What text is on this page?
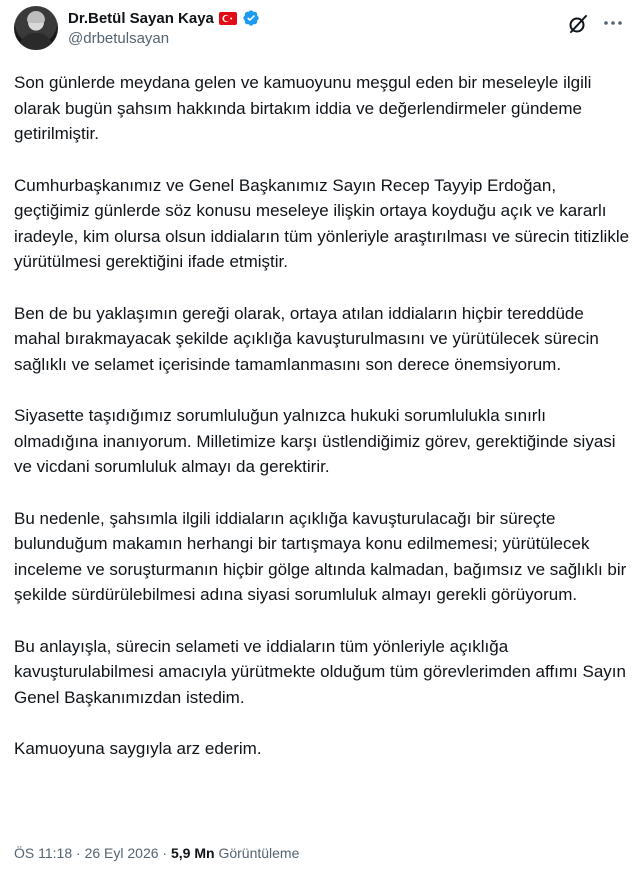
Dr.Betül Sayan Kaya
@drbetulsayan

Son günlerde meydana gelen ve kamuoyunu meşgul eden bir meseleyle ilgili olarak bugün şahsım hakkında birtakım iddia ve değerlendirmeler gündeme getirilmiştir.

Cumhurbaşkanımız ve Genel Başkanımız Sayın Recep Tayyip Erdoğan, geçtiğimiz günlerde söz konusu meseleye ilişkin ortaya koyduğu açık ve kararlı iradeyle, kim olursa olsun iddiaların tüm yönleriyle araştırılması ve sürecin titizlikle yürütülmesi gerektiğini ifade etmiştir.

Ben de bu yaklaşımın gereği olarak, ortaya atılan iddiaların hiçbir tereddüde mahal bırakmayacak şekilde açıklığa kavuşturulmasını ve yürütülecek sürecin sağlıklı ve selamet içerisinde tamamlanmasını son derece önemsiyorum.

Siyasette taşıdığımız sorumluluğun yalnızca hukuki sorumlulukla sınırlı olmadığına inanıyorum. Milletimize karşı üstlendiğimiz görev, gerektiğinde siyasi ve vicdani sorumluluk almayı da gerektirir.

Bu nedenle, şahsımla ilgili iddiaların açıklığa kavuşturulacağı bir süreçte bulunduğum makamın herhangi bir tartışmaya konu edilmemesi; yürütülecek inceleme ve soruşturmanın hiçbir gölge altında kalmadan, bağımsız ve sağlıklı bir şekilde sürdürülebilmesi adına siyasi sorumluluk almayı gerekli görüyorum.

Bu anlayışla, sürecin selameti ve iddiaların tüm yönleriyle açıklığa kavuşturulabilmesi amacıyla yürütmekte olduğum tüm görevlerimden affımı Sayın Genel Başkanımızdan istedim.

Kamuoyuna saygıyla arz ederim.

ÖS 11:18 · 26 Eyl 2026 · 5,9 Mn Görüntüleme
